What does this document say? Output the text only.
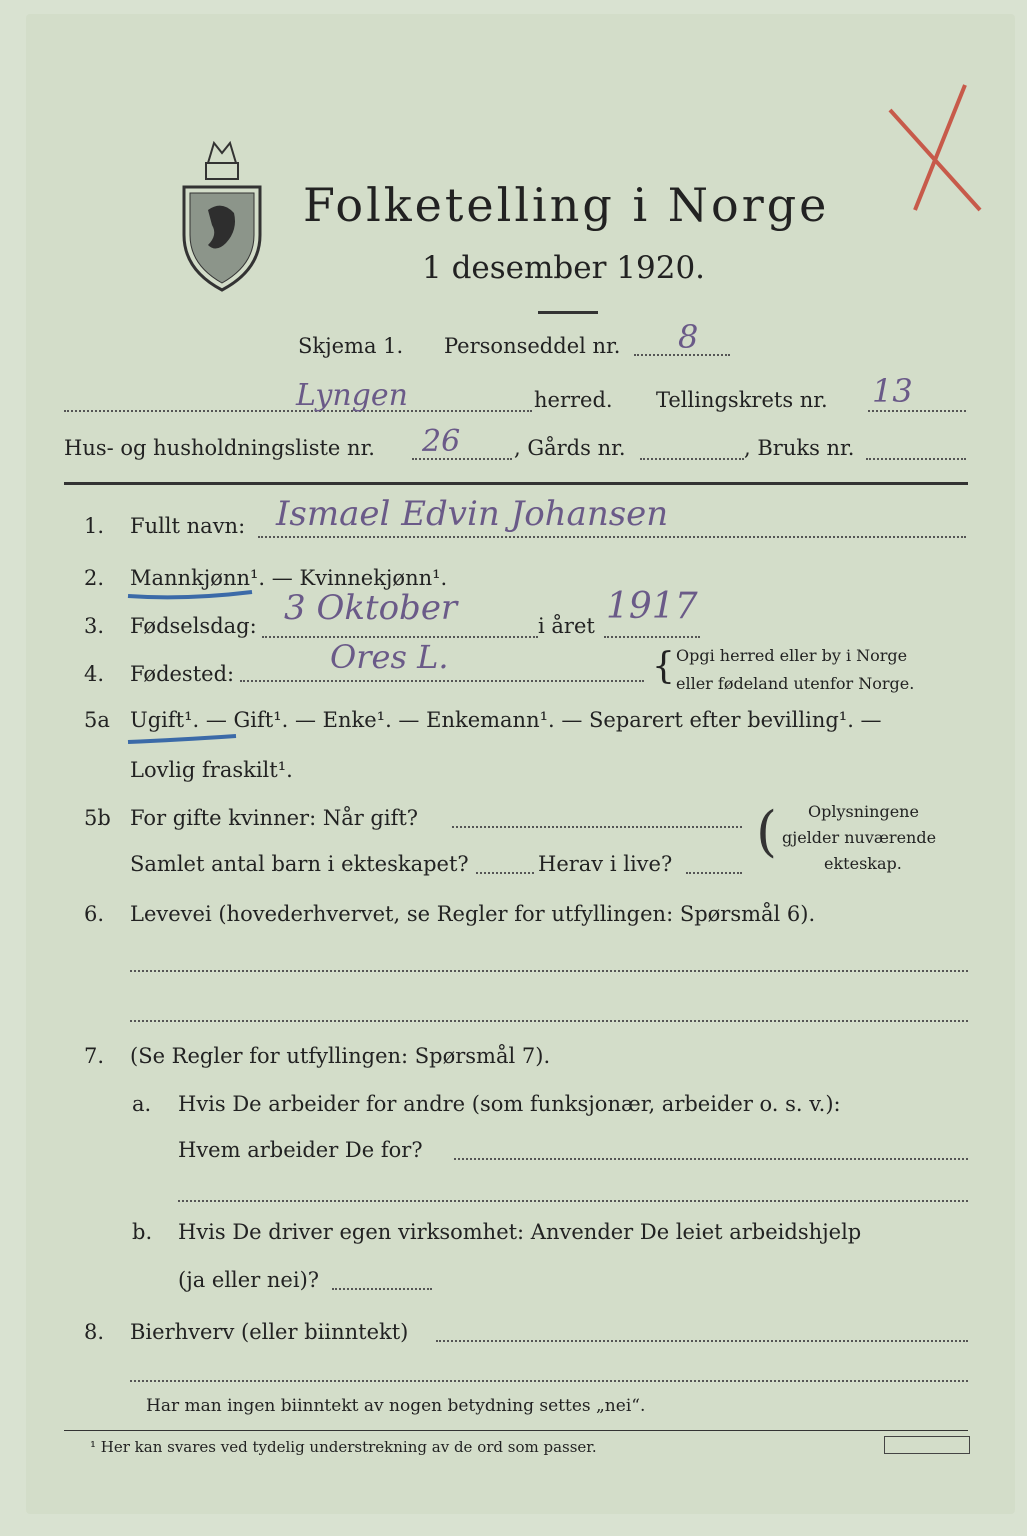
Folketelling i Norge
1 desember 1920.
Skjema 1. Personseddel nr. 8
Lyngen	herred. Tellingskrets nr. 13
Hus- og husholdningsliste nr. 26	, Gårds nr.	, Bruks nr.
1. Fullt navn: Ismael Edvin Johansen
2. Mannkjønn¹. — Kvinnekjønn¹.
3. Fødselsdag: 3 Oktober	i året 1917
4. Fødested:	Ores L.	{ Opgi herred eller by i Norge
eller fødeland utenfor Norge.
5a Ugift¹. — Gift¹. — Enke¹. — Enkemann¹. — Separert efter bevilling¹. —
Lovlig fraskilt¹.
5b For gifte kvinner: Når gift?
Samlet antal barn i ekteskapet?	Herav i live?
( Oplysningene
gjelder nuværende
ekteskap.
6. Levevei (hovederhvervet, se Regler for utfyllingen: Spørsmål 6).
7. (Se Regler for utfyllingen: Spørsmål 7).
a. Hvis De arbeider for andre (som funksjonær, arbeider o. s. v.):
Hvem arbeider De for?
b. Hvis De driver egen virksomhet: Anvender De leiet arbeidshjelp
(ja eller nei)?
8. Bierhverv (eller biinntekt)
Har man ingen biinntekt av nogen betydning settes „nei“.
¹ Her kan svares ved tydelig understrekning av de ord som passer.
